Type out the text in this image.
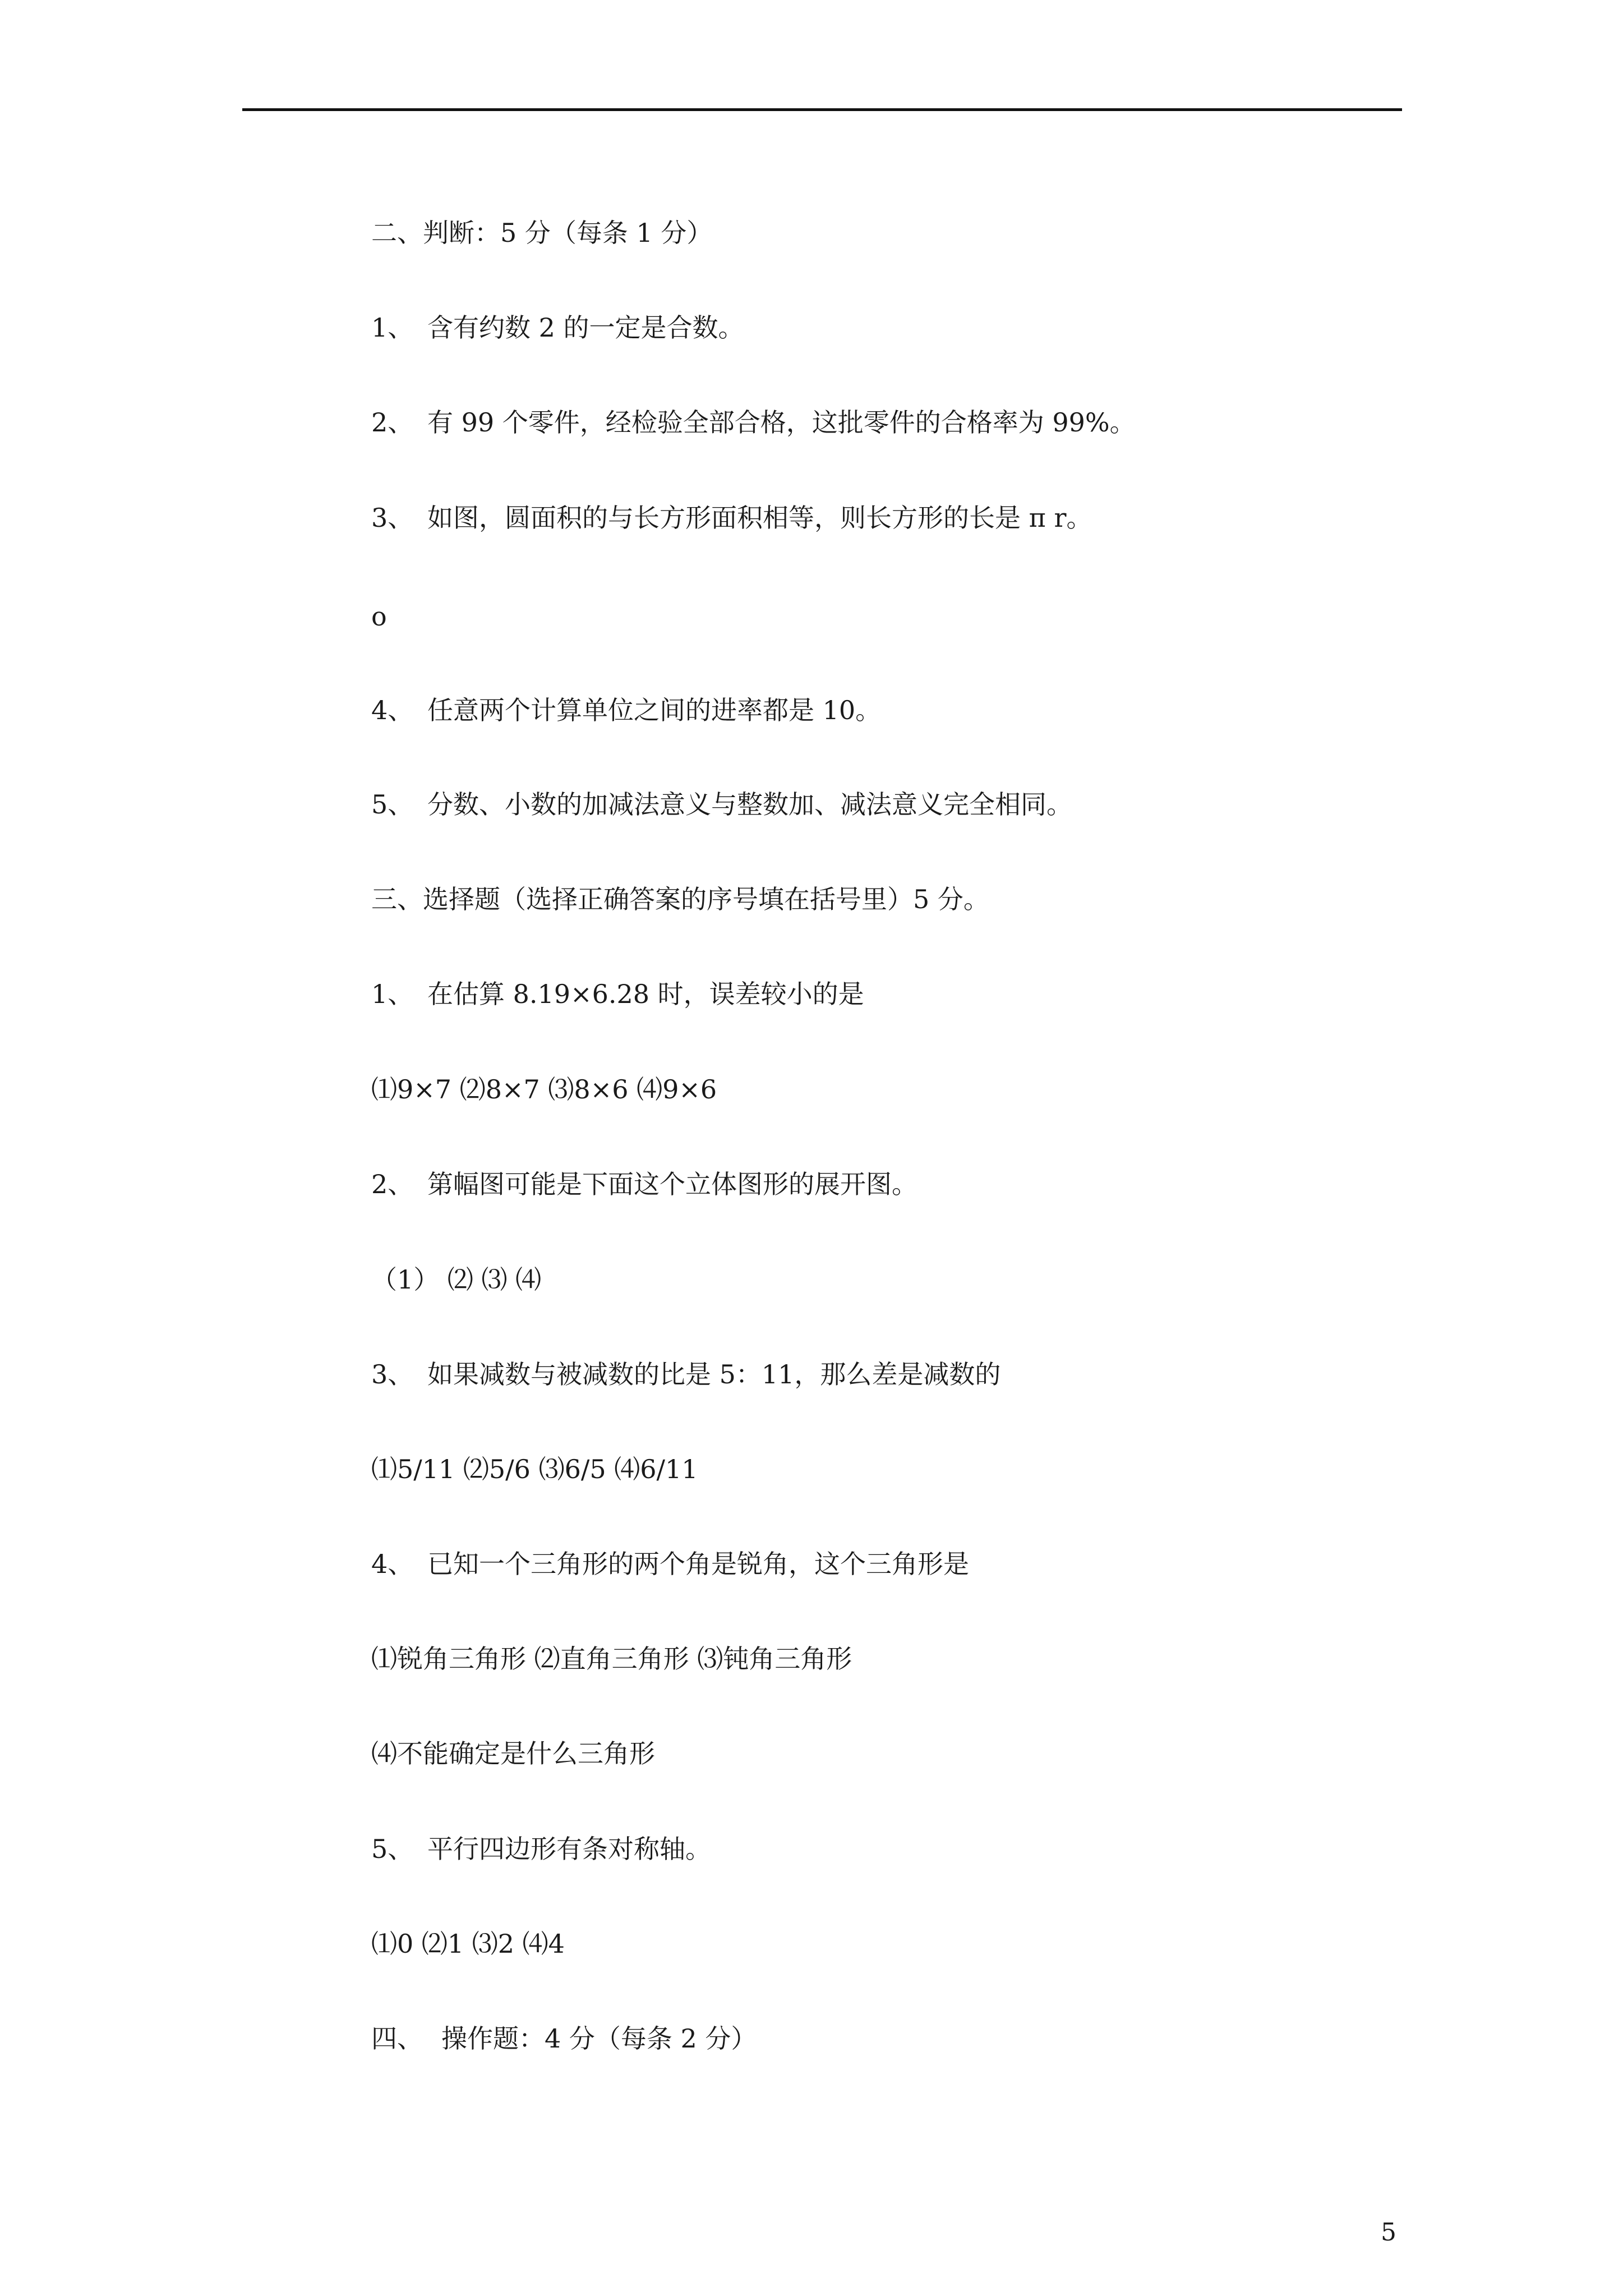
二、判断：5 分（每条 1 分）
1、 含有约数 2 的一定是合数。
2、 有 99 个零件，经检验全部合格，这批零件的合格率为 99%。
3、 如图，圆面积的与长方形面积相等，则长方形的长是 π r。
o
4、 任意两个计算单位之间的进率都是 10。
5、 分数、小数的加减法意义与整数加、减法意义完全相同。
三、选择题（选择正确答案的序号填在括号里）5 分。
1、 在估算 8.19×6.28 时，误差较小的是
⑴9×7 ⑵8×7 ⑶8×6 ⑷9×6
2、 第幅图可能是下面这个立体图形的展开图。
（1） ⑵ ⑶ ⑷
3、 如果减数与被减数的比是 5：11，那么差是减数的
⑴5/11 ⑵5/6 ⑶6/5 ⑷6/11
4、 已知一个三角形的两个角是锐角，这个三角形是
⑴锐角三角形 ⑵直角三角形 ⑶钝角三角形
⑷不能确定是什么三角形
5、 平行四边形有条对称轴。
⑴0 ⑵1 ⑶2 ⑷4
四、 操作题：4 分（每条 2 分）
5
